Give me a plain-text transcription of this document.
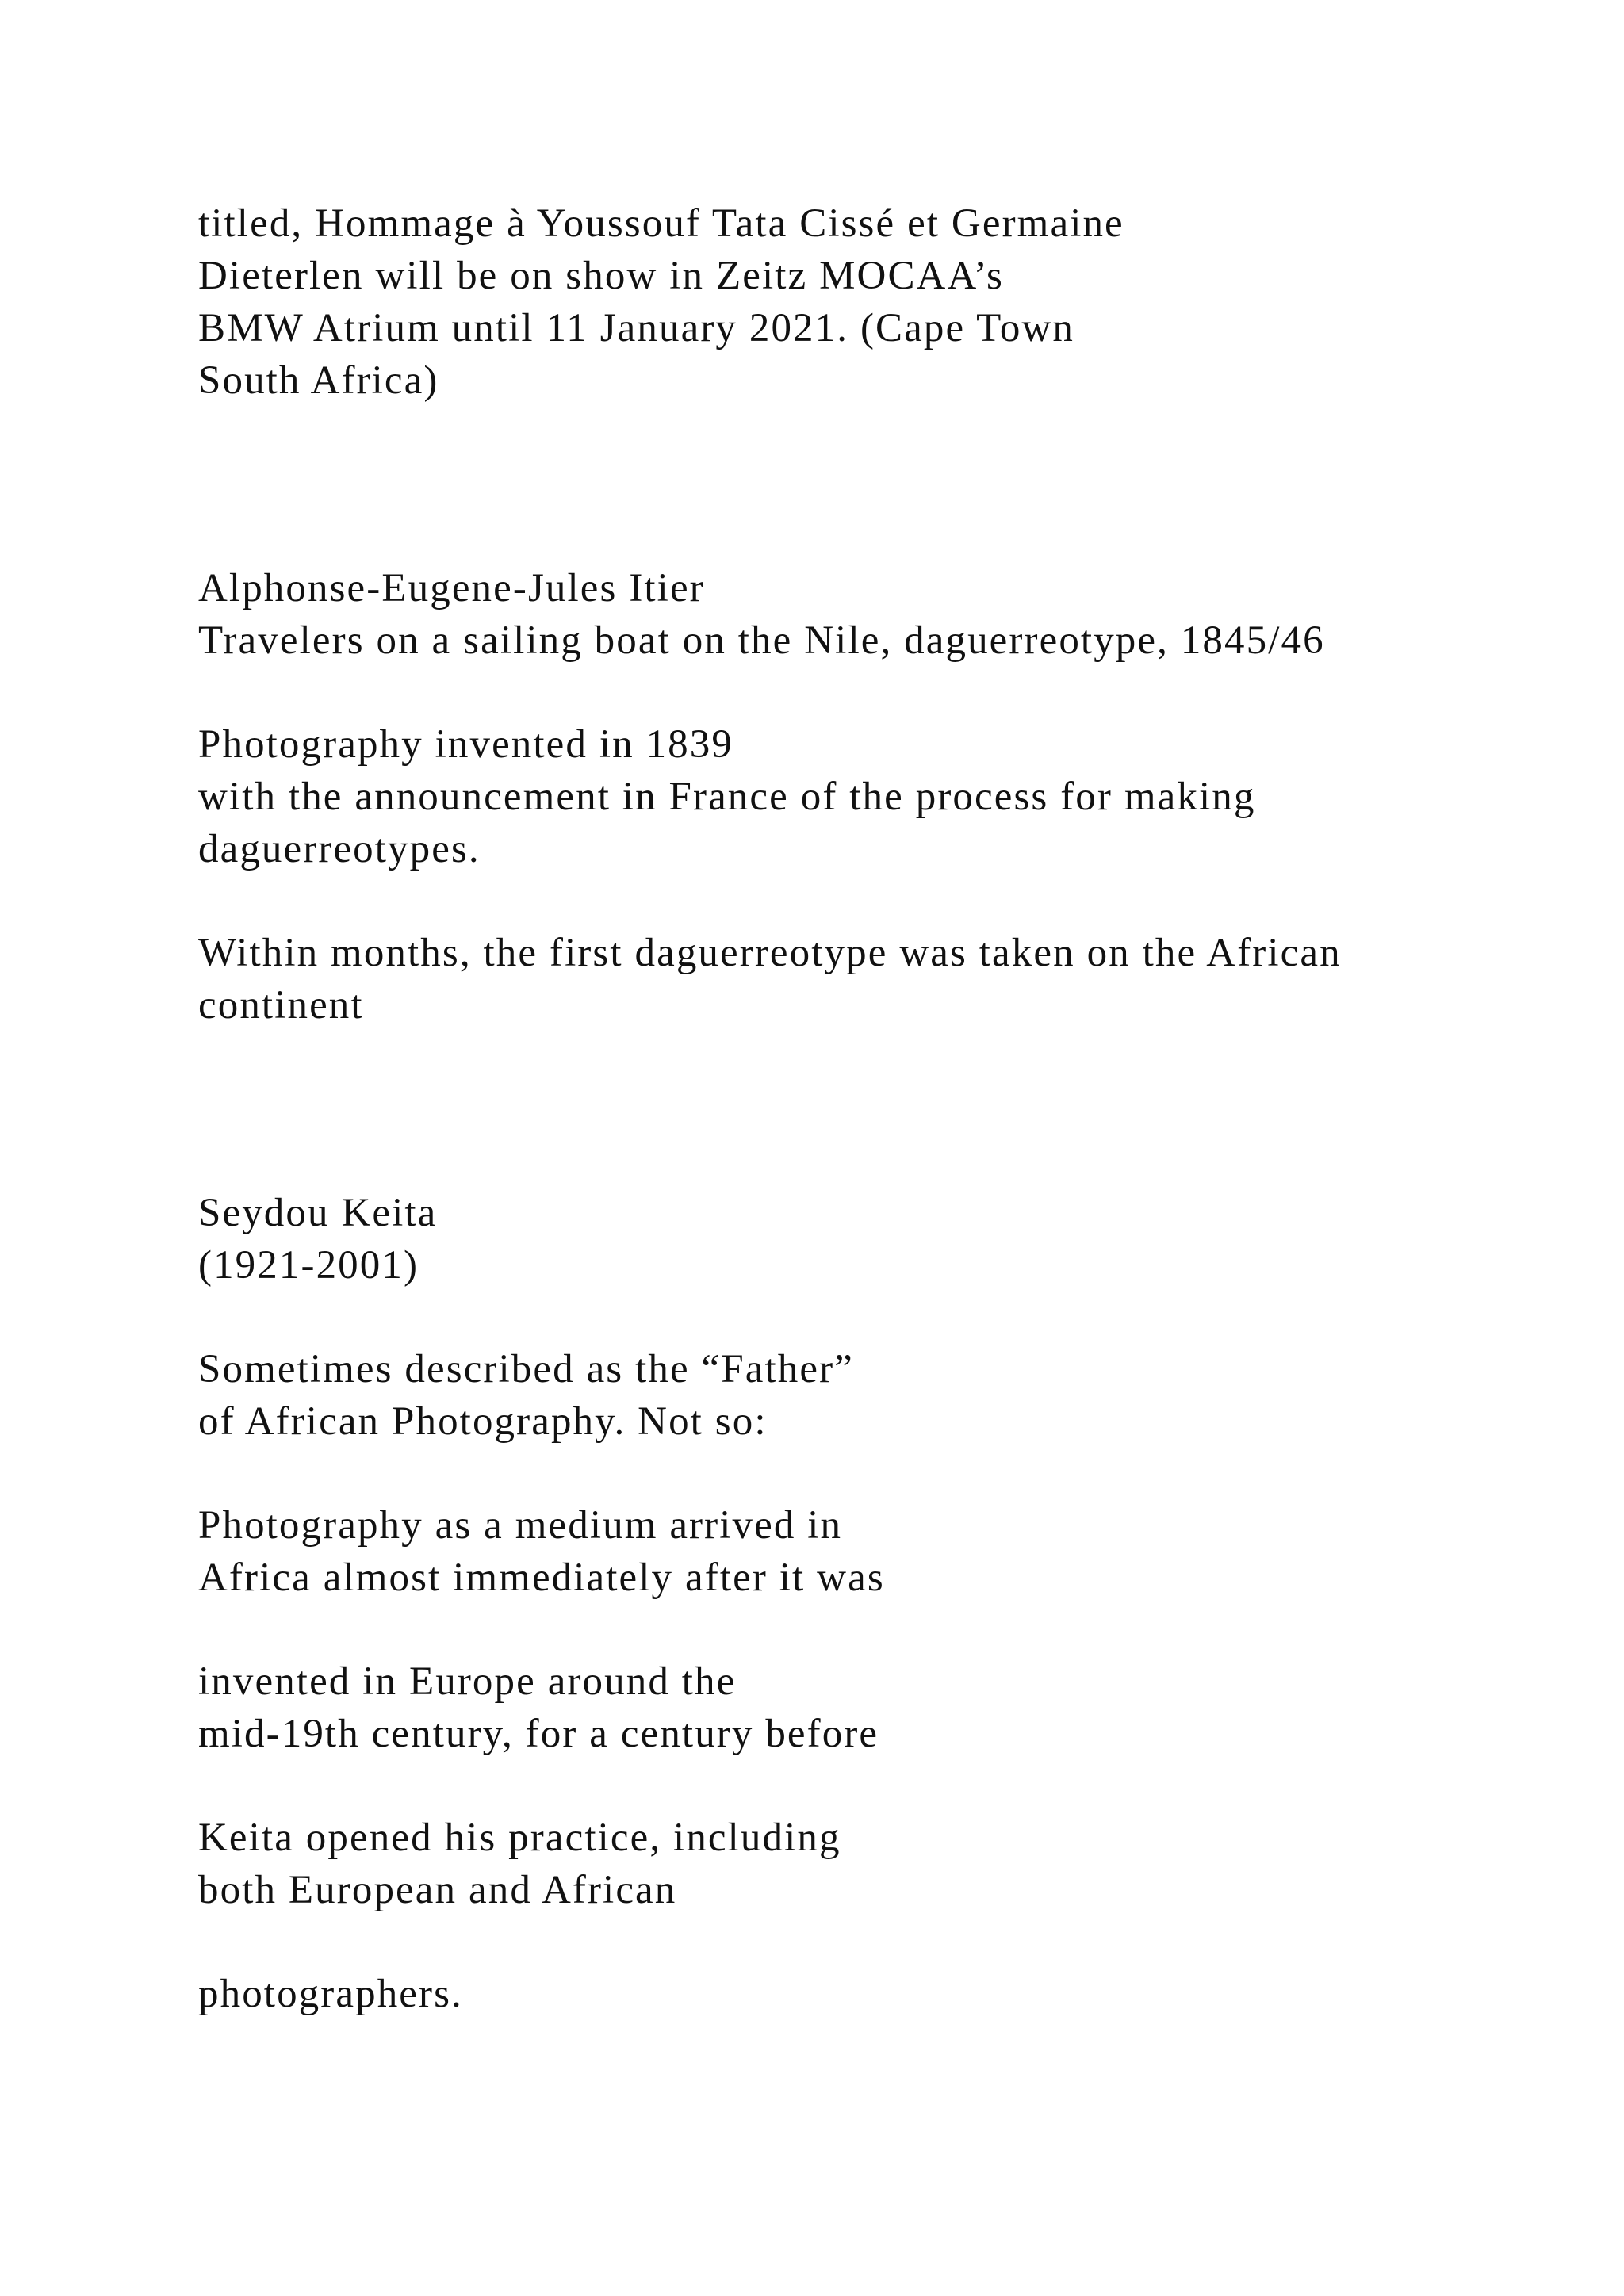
titled, Hommage à Youssouf Tata Cissé et Germaine

Dieterlen will be on show in Zeitz MOCAA’s

BMW Atrium until 11 January 2021. (Cape Town

South Africa)

Alphonse-Eugene-Jules Itier

Travelers on a sailing boat on the Nile, daguerreotype, 1845/46

Photography invented in 1839

with the announcement in France of the process for making

daguerreotypes.

Within months, the first daguerreotype was taken on the African

continent

Seydou Keita

(1921-2001)

Sometimes described as the “Father”

of African Photography. Not so:

Photography as a medium arrived in

Africa almost immediately after it was

invented in Europe around the

mid-19th century, for a century before

Keita opened his practice, including

both European and African

photographers.
